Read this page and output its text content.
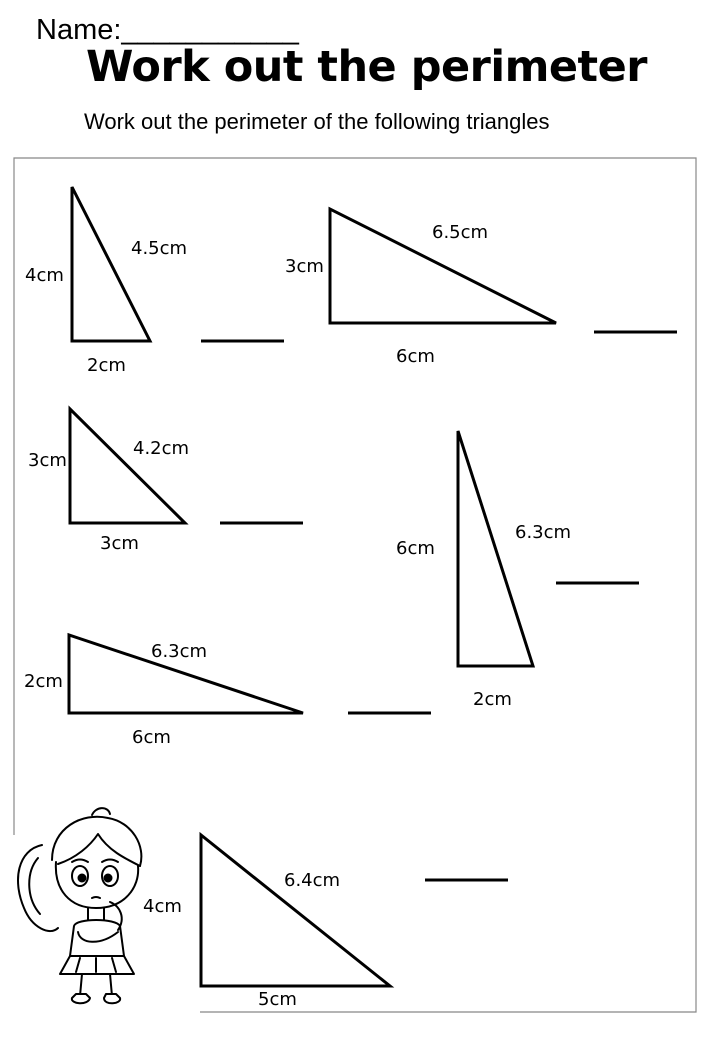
Name:___________
Work out the perimeter
Work out the perimeter of the following triangles
4cm
2cm
4.5cm
3cm
6cm
6.5cm
3cm
3cm
4.2cm
6cm
2cm
6.3cm
2cm
6cm
6.3cm
4cm
5cm
6.4cm
